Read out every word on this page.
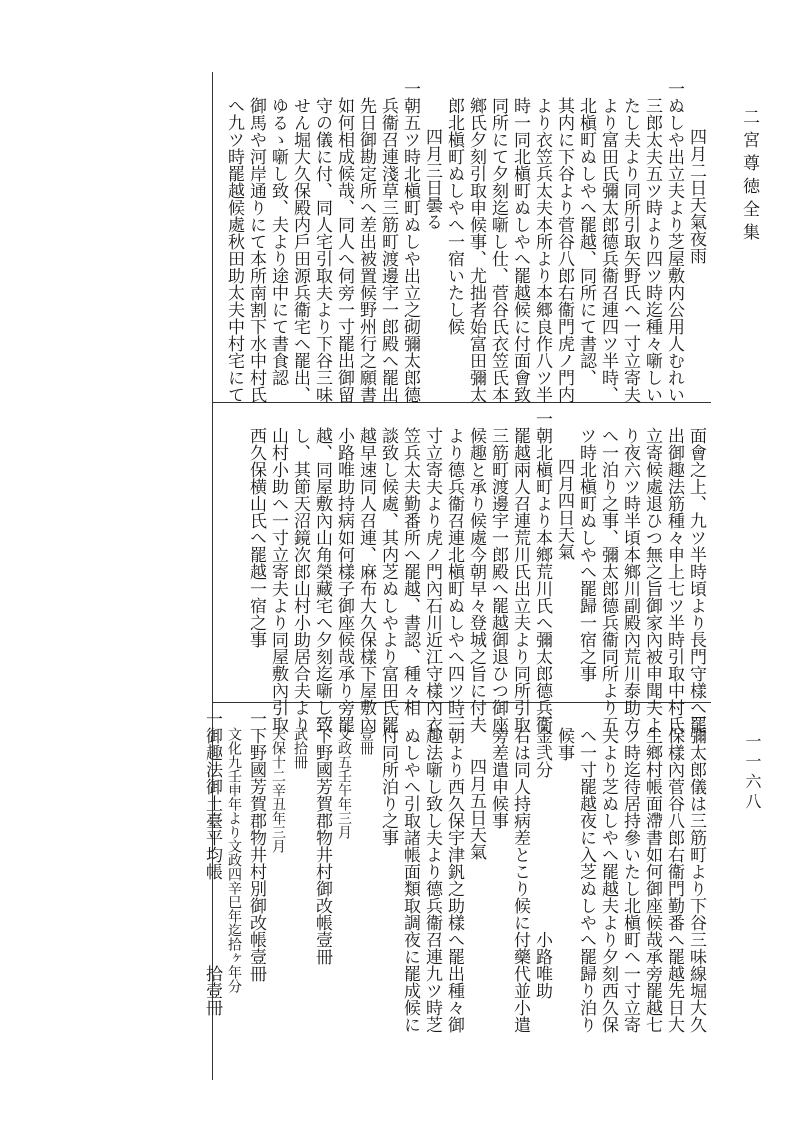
二宮尊徳全集
一一六八
四月二日天氣夜雨
一ぬしや出立夫より芝屋敷内公用人むれい
三郎太夫五ツ時より四ツ時迄種々噺しい
たし夫より同所引取矢野氏へ一寸立寄夫
より富田氏彌太郎德兵衞召連四ツ半時、
北槇町ぬしやへ罷越、同所にて書認、
其内に下谷より菅谷八郎右衞門虎ノ門内
より衣笠兵太夫本所より本郷良作八ツ半
時一同北槇町ぬしやへ罷越候に付面會致
同所にて夕刻迄噺し仕、菅谷氏衣笠氏本
鄉氏夕刻引取申候事、尤拙者始富田彌太
郎北槇町ぬしやへ一宿いたし候
四月三日曇る
一朝五ツ時北槇町ぬしや出立之砌彌太郎德
兵衞召連淺草三筋町渡邊宇一郎殿へ罷出
先日御勘定所へ差出被置候野州行之願書
如何相成候哉、同人へ伺旁一寸罷出御留
守の儀に付、同人宅引取夫より下谷三味
せん堀大久保殿内戶田源兵衞宅へ罷出、
ゆるゝ噺し致、夫より途中にて書食認
御馬や河岸通りにて本所南割下水中村氏
へ九ツ時罷越候處秋田助太夫中村宅にて
面會之上、九ツ半時頃より長門守樣へ罷
出御趣法筋種々申上七ツ半時引取中村氏
立寄候處退ひつ無之旨御家內被申聞夫よ
り夜六ツ時半頃本鄉川副殿內荒川泰助方
へ一泊り之事、彌太郎德兵衞同所より五
ツ時北槇町ぬしやへ罷歸一宿之事
四月四日天氣
一朝北槇町より本鄉荒川氏へ彌太郎德兵衞
罷越兩人召連荒川氏出立夫より同所引取
三筋町渡邊宇一郎殿へ罷越御退ひつ御座
候趣と承り候處今朝早々登城之旨に付夫
より德兵衞召連北槇町ぬしやへ四ツ時一
寸立寄夫より虎ノ門內石川近江守樣內衣
笠兵太夫勤番所へ罷越、書認、種々相
談致し候處、其内芝ぬしやより富田氏罷
越早速同人召連、麻布大久保樣下屋敷內
小路唯助持病如何樣子御座候哉承り旁罷
越、同屋敷內山角榮藏宅へ夕刻迄噺し致
し、其節天沼鏡次郎山村小助居合夫より
山村小助へ一寸立寄夫より同屋敷內引取
西久保横山氏へ罷越一宿之事
一彌太郎儀は三筋町より下谷三味線堀大久
保樣內菅谷八郎右衞門勤番へ罷越先日大
生鄉村帳面滯書如何御座候哉承旁罷越七
ツ時迄待居持參いたし北槇町へ一寸立寄
夫より芝ぬしやへ罷越夫より夕刻西久保
へ一寸罷越夜に入芝ぬしやへ罷歸り泊り
候事
一金弐分　　　　　　　　　小路唯助
右は同人持病差とこり候に付藥代並小遣
旁差遣申候事
四月五日天氣
一朝より西久保宇津釩之助樣へ罷出種々御
趣法噺し致し夫より德兵衞召連九ツ時芝
ぬしやへ引取諸帳面類取調夜に罷成候に
付同所泊り之事
壹冊
文政五壬午年三月
一下野國芳賀郡物井村御改帳壹冊
武拾冊
天保十二辛丑年三月
一下野國芳賀郡物井村別御改帳壹冊
文化九壬申年より文政四辛巳年迄拾ヶ年分
一御趣法御土臺平均帳　　　　　拾壹冊
